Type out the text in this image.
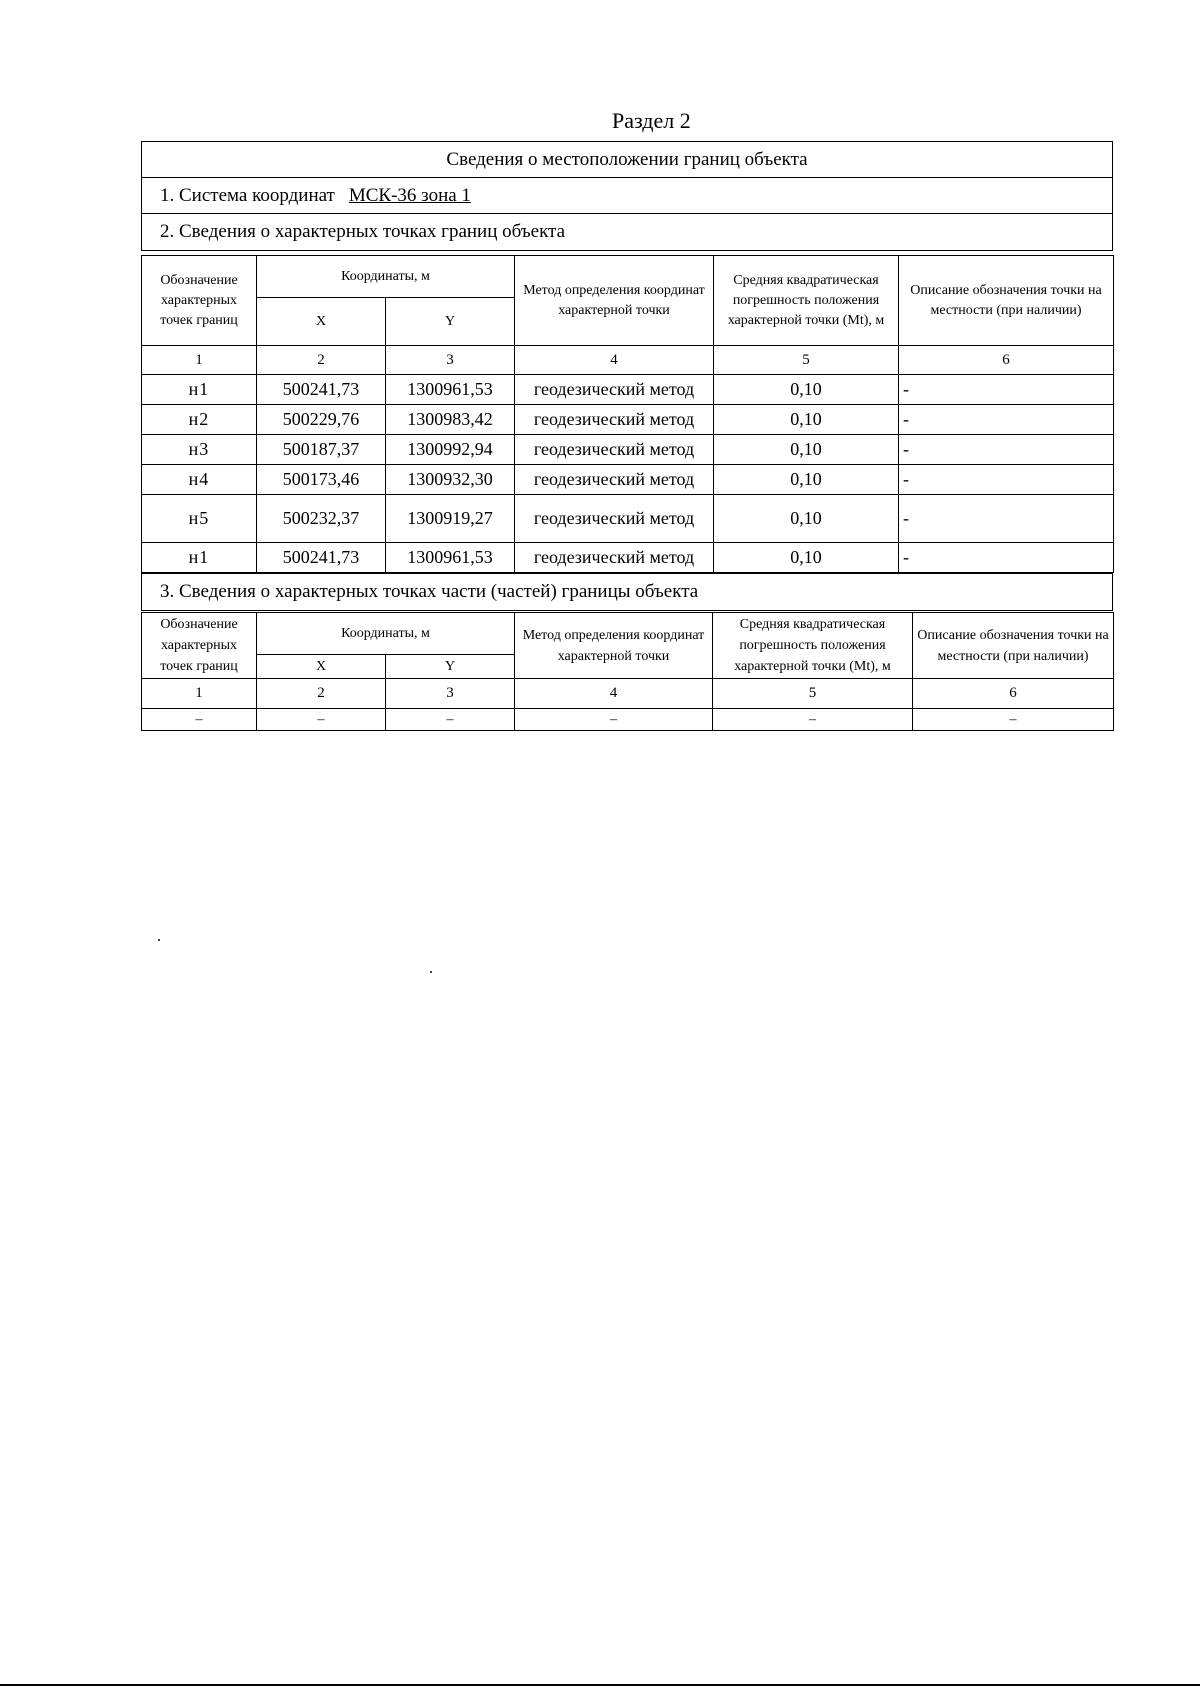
Раздел 2
Сведения о местоположении границ объекта
1. Система координат МСК-36 зона 1
2. Сведения о характерных точках границ объекта
Обозначение характерных точек границ	Координаты, м		Метод определения координат характерной точки	Средняя квадратическая погрешность положения характерной точки (Mt), м	Описание обозначения точки на местности (при наличии)
	X	Y			
1	2	3	4	5	6
н1	500241,73	1300961,53	геодезический метод	0,10	-
н2	500229,76	1300983,42	геодезический метод	0,10	-
н3	500187,37	1300992,94	геодезический метод	0,10	-
н4	500173,46	1300932,30	геодезический метод	0,10	-
н5	500232,37	1300919,27	геодезический метод	0,10	-
н1	500241,73	1300961,53	геодезический метод	0,10	-
3. Сведения о характерных точках части (частей) границы объекта
Обозначение характерных точек границ	Координаты, м		Метод определения координат характерной точки	Средняя квадратическая погрешность положения характерной точки (Mt), м	Описание обозначения точки на местности (при наличии)
	X	Y			
1	2	3	4	5	6
–	–	–	–	–	–
